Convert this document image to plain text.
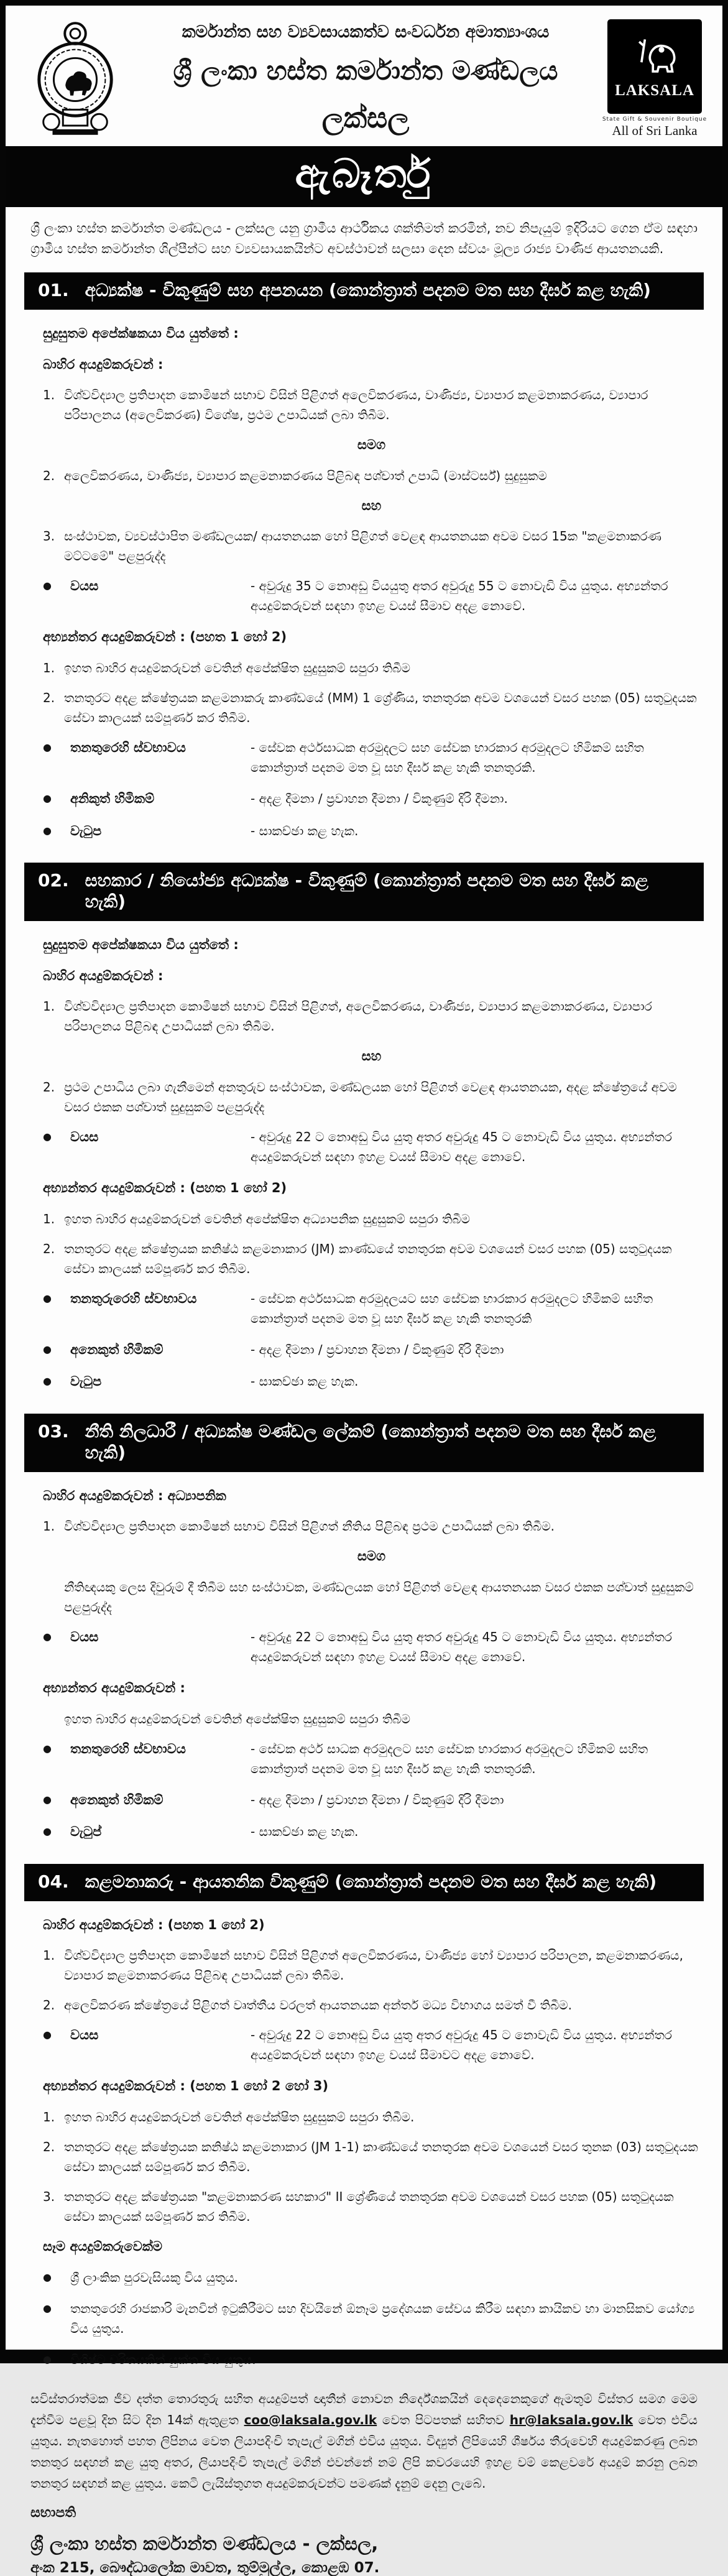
කර්මාන්ත සහ ව්‍යවසායකත්ව සංවර්ධන අමාත්‍යාංශය
ශ්‍රී ලංකා හස්ත කර්මාන්ත මණ්ඩලය
ලක්සල
LAKSALA
State Gift & Souvenir Boutique
All of Sri Lanka
ඇබෑර්තු

ශ්‍රී ලංකා හස්ත කර්මාන්ත මණ්ඩලය - ලක්සල යනු ග්‍රාමීය ආර්ථිකය ශක්තිමත් කරමින්, නව නිපැයුම් ඉදිරියට ගෙන ඒම සඳහා ග්‍රාමීය හස්ත කර්මාන්ත ශිල්පීන්ට සහ ව්‍යවසායකයින්ට අවස්ථාවන් සලසා දෙන ස්වයං මූල්‍ය රාජ්‍ය වාණිජ ආයතනයකි.

01. අධ්‍යක්ෂ - විකුණුම් සහ අපනයන (කොන්ත්‍රාත් පදනම මත සහ දීර්ඝ කළ හැකි)
සුදුසුතම අපේක්ෂකයා විය යුත්තේ :
බාහිර අයදුම්කරුවන් :
1. විශ්වවිද්‍යාල ප්‍රතිපාදන කොමිෂන් සභාව විසින් පිළිගත් අලෙවිකරණය, වාණිජ්‍ය, ව්‍යාපාර කළමනාකරණය, ව්‍යාපාර පරිපාලනය (අලෙවිකරණ) විශේෂ, ප්‍රථම උපාධියක් ලබා තිබීම.
සමග
2. අලෙවිකරණය, වාණිජ්‍ය, ව්‍යාපාර කළමනාකරණය පිළිබඳ පශ්චාත් උපාධි (මාස්ටර්ස්) සුදුසුකම
සහ
3. සංස්ථාවක, ව්‍යවස්ථාපිත මණ්ඩලයක/ ආයතනයක හෝ පිළිගත් වෙළඳ ආයතනයක අවම වසර 15ක "කළමනාකරණ මට්ටමේ" පළපුරුද්ද
●	වයස	- අවුරුදු 35 ට නොඅඩු වියයුතු අතර අවුරුදු 55 ට නොවැඩි විය යුතුය. අභ්‍යන්තර අයදුම්කරුවන් සඳහා ඉහළ වයස් සීමාව අදළ නොවේ.
අභ්‍යන්තර අයදුම්කරුවන් : (පහත 1 හෝ 2)
1. ඉහත බාහිර අයදුම්කරුවන් වෙතින් අපේක්ෂිත සුදුසුකම් සපුරා තිබීම
2. තනතුරට අදළ ක්ෂේත්‍රයක කළමනාකරු කාණ්ඩයේ (MM) 1 ශ්‍රේණිය, තනතුරක අවම වශයෙන් වසර පහක (05) සතුටුදයක සේවා කාලයක් සම්පූර්ණ කර තිබීම.
●	තනතුරෙහි ස්වභාවය	- සේවක අර්ථසාධක අරමුදලට සහ සේවක භාරකාර අරමුදලට හිමිකම් සහිත කොන්ත්‍රාත් පදනම මත වූ සහ දීර්ඝ කළ හැකි තනතුරකි.
●	අනිකුත් හිමිකම්	- අදළ දීමනා / ප්‍රවාහන දීමනා / විකුණුම් දිරි දීමනා.
●	වැටුප	- සාකච්ඡා කළ හැක.
02. සහකාර / නියෝජ්‍ය අධ්‍යක්ෂ - විකුණුම් (කොන්ත්‍රාත් පදනම මත සහ දීර්ඝ කළ හැකි)
සුදුසුතම අපේක්ෂකයා විය යුත්තේ :
බාහිර අයදුම්කරුවන් :
1. විශ්වවිද්‍යාල ප්‍රතිපාදන කොමිෂන් සභාව විසින් පිළිගත්, අලෙවිකරණය, වාණිජ්‍ය, ව්‍යාපාර කළමනාකරණය, ව්‍යාපාර පරිපාලනය පිළිබඳ උපාධියක් ලබා තිබීම.
සහ
2. ප්‍රථම උපාධිය ලබා ගැනීමෙන් අනතුරුව සංස්ථාවක, මණ්ඩලයක හෝ පිළිගත් වෙළඳ ආයතනයක, අදළ ක්ෂේත්‍රයේ අවම වසර එකක පශ්චාත් සුදුසුකම් පළපුරුද්ද
●	වයස	- අවුරුදු 22 ට නොඅඩු විය යුතු අතර අවුරුදු 45 ට නොවැඩි විය යුතුය. අභ්‍යන්තර අයදුම්කරුවන් සඳහා ඉහළ වයස් සීමාව අදළ නොවේ.
අභ්‍යන්තර අයදුම්කරුවන් : (පහත 1 හෝ 2)
1. ඉහත බාහිර අයදුම්කරුවන් වෙතින් අපේක්ෂිත අධ්‍යාපනික සුදුසුකම් සපුරා තිබීම
2. තනතුරට අදළ ක්ෂේත්‍රයක කනිෂ්ඨ කළමනාකාර (JM) කාණ්ඩයේ තනතුරක අවම වශයෙන් වසර පහක (05) සතුටුදයක සේවා කාලයක් සම්පූර්ණ කර තිබීම.
●	තනතුරුරෙහි ස්වභාවය	- සේවක අර්ථසාධක අරමුදලයට සහ සේවක භාරකාර අරමුදලට හිමිකම් සහිත කොන්ත්‍රාත් පදනම මත වූ සහ දීර්ඝ කළ හැකි තනතුරකි
●	අනෙකුත් හිමිකම්	- අදළ දීමනා / ප්‍රවාහන දීමනා / විකුණුම් දිරි දීමනා
●	වැටුප	- සාකච්ඡා කළ හැක.
03. නීති නිලධාරී / අධ්‍යක්ෂ මණ්ඩල ලේකම් (කොන්ත්‍රාත් පදනම මත සහ දීර්ඝ කළ හැකි)
බාහිර අයදුම්කරුවන් : අධ්‍යාපනික
1. විශ්වවිද්‍යාල ප්‍රතිපාදන කොමිෂන් සභාව විසින් පිළිගත් නීතිය පිළිබඳ ප්‍රථම උපාධියක් ලබා තිබීම.
සමග
නීතිඥයකු ලෙස දිවුරුම් දී තිබීම සහ සංස්ථාවක, මණ්ඩලයක හෝ පිළිගත් වෙළඳ ආයතනයක වසර එකක පශ්චාත් සුදුසුකම් පළපුරුද්ද
●	වයස	- අවුරුදු 22 ට නොඅඩු විය යුතු අතර අවුරුදු 45 ට නොවැඩි විය යුතුය. අභ්‍යන්තර අයදුම්කරුවන් සඳහා ඉහළ වයස් සීමාව අදළ නොවේ.
අභ්‍යන්තර අයදුම්කරුවන් :
ඉහත බාහිර අයදුම්කරුවන් වෙතින් අපේක්ෂිත සුදුසුකම් සපුරා තිබීම
●	තනතුරෙහි ස්වභාවය	- සේවක අර්ථ සාධක අරමුදලට සහ සේවක භාරකාර අරමුදලට හිමිකම් සහිත කොන්ත්‍රාත් පදනම මත වූ සහ දීර්ඝ කළ හැකි තනතුරකි.
●	අනෙකුත් හිමිකම්	- අදළ දීමනා / ප්‍රවාහන දීමනා / විකුණුම් දිරි දීමනා
●	වැටුප්	- සාකච්ඡා කළ හැක.
04. කළමනාකරු - ආයතනික විකුණුම් (කොන්ත්‍රාත් පදනම මත සහ දීර්ඝ කළ හැකි)
බාහිර අයදුම්කරුවන් : (පහත 1 හෝ 2)
1. විශ්වවිද්‍යාල ප්‍රතිපාදන කොමිෂන් සභාව විසින් පිළිගත් අලෙවිකරණය, වාණිජ්‍ය හෝ ව්‍යාපාර පරිපාලන, කළමනාකරණය, ව්‍යාපාර කළමනාකරණය පිළිබඳ උපාධියක් ලබා තිබීම.
2. අලෙවිකරණ ක්ෂේත්‍රයේ පිළිගත් වෘත්තීය වරලත් ආයතනයක අන්තර් මධ්‍ය විභාගය සමත් වී තිබීම.
●	වයස	- අවුරුදු 22 ට නොඅඩු විය යුතු අතර අවුරුදු 45 ට නොවැඩි විය යුතුය. අභ්‍යන්තර අයදුම්කරුවන් සඳහා ඉහළ වයස් සීමාවට අදළ නොවේ.
අභ්‍යන්තර අයදුම්කරුවන් : (පහත 1 හෝ 2 හෝ 3)
1. ඉහත බාහිර අයදුම්කරුවන් වෙතින් අපේක්ෂිත සුදුසුකම් සපුරා තිබීම.
2. තනතුරට අදළ ක්ෂේත්‍රයක කනිෂ්ඨ කළමනාකාර (JM 1-1) කාණ්ඩයේ තනතුරක අවම වශයෙන් වසර තුනක (03) සතුටුදයක සේවා කාලයක් සම්පූර්ණ කර තිබීම.
3. තනතුරට අදළ ක්ෂේත්‍රයක "කළමනාකරණ සහකාර" II ශ්‍රේණියේ තනතුරක අවම වශයෙන් වසර පහක (05) සතුටුදයක සේවා කාලයක් සම්පූර්ණ කර තිබීම.
සෑම අයදුම්කරුවෙක්ම
●	ශ්‍රී ලාංකික පුරවැසියකු විය යුතුය.
●	තනතුරෙහි රාජකාරි මැනවින් ඉටුකිරීමට සහ දිවයිනේ ඕනෑම ප්‍රදේශයක සේවය කිරීම සඳහා කායිකව හා මානසිකව යෝග්‍ය විය යුතුය.
●	විශිෂ්ට චරිතයකින් යුක්ත විය යුතුය.

සවිස්තරාත්මක ජීව දත්ත තොරතුරු සහිත අයදුම්පත් ඥාතීන් නොවන නිර්දේශකයින් දෙදෙනෙකුගේ ඇමතුම් විස්තර සමග මෙම දැන්වීම පළවූ දින සිට දින 14ක් ඇතුළත coo@laksala.gov.lk වෙත පිටපතක් සහිතව hr@laksala.gov.lk වෙත එවිය යුතුය. නැතහොත් පහත ලිපිනය වෙත ලියාපදිංචි තැපැල් මගින් එවිය යුතුය. විද්‍යුත් ලිපියෙහි ශීර්ෂය තීරුවෙහි අයදුම්කරණු ලබන තනතුර සඳහන් කළ යුතු අතර, ලියාපදිංචි තැපැල් මගින් එවන්නේ නම් ලිපි කවරයෙහි ඉහළ වම් කෙළවරේ අයදුම් කරනු ලබන තනතුර සඳහන් කළ යුතුය. කෙටි ලැයිස්තුගත අයදුම්කරුවන්ට පමණක් දැනුම් දෙනු ලැබේ.

සභාපති
ශ්‍රී ලංකා හස්ත කර්මාන්ත මණ්ඩලය - ලක්සල,
අංක 215, බෞද්ධාලෝක මාවත, තුම්මුල්ල, කොළඹ 07.
